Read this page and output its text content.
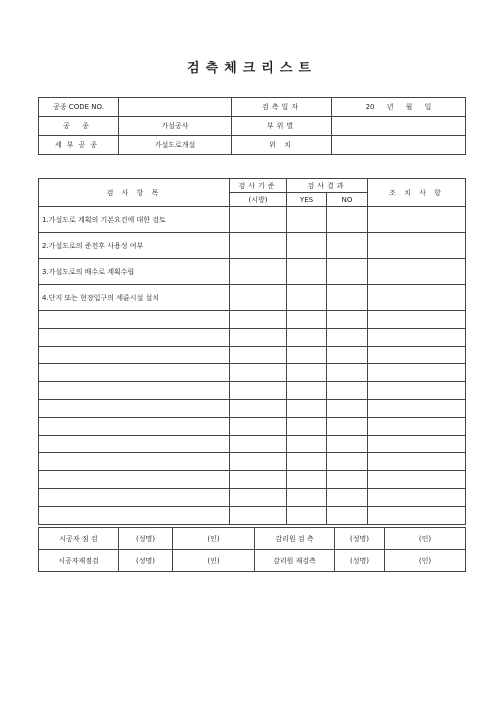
검측체크리스트
공종 CODE NO.		검측일자	20 년 월 일
공 종	가설공사	부위별	
세부공종	가설도로개설	위 치	
검 사 항 목	검사기준	검사결과		조 치 사 항
	(시방)	YES	NO	
1.가설도로 계획의 기본요건에 대한 검토				
2.가설도로의 준전후 사용성 여부				
3.가설도로의 배수로 계획수립				
4.단지 또는 현장입구의 세륜시설 설치				

시공자 점 검	(성명)	(인)	감리원 검 측	(성명)	(인)
시공자재점검	(성명)	(인)	감리원 재검측	(성명)	(인)
